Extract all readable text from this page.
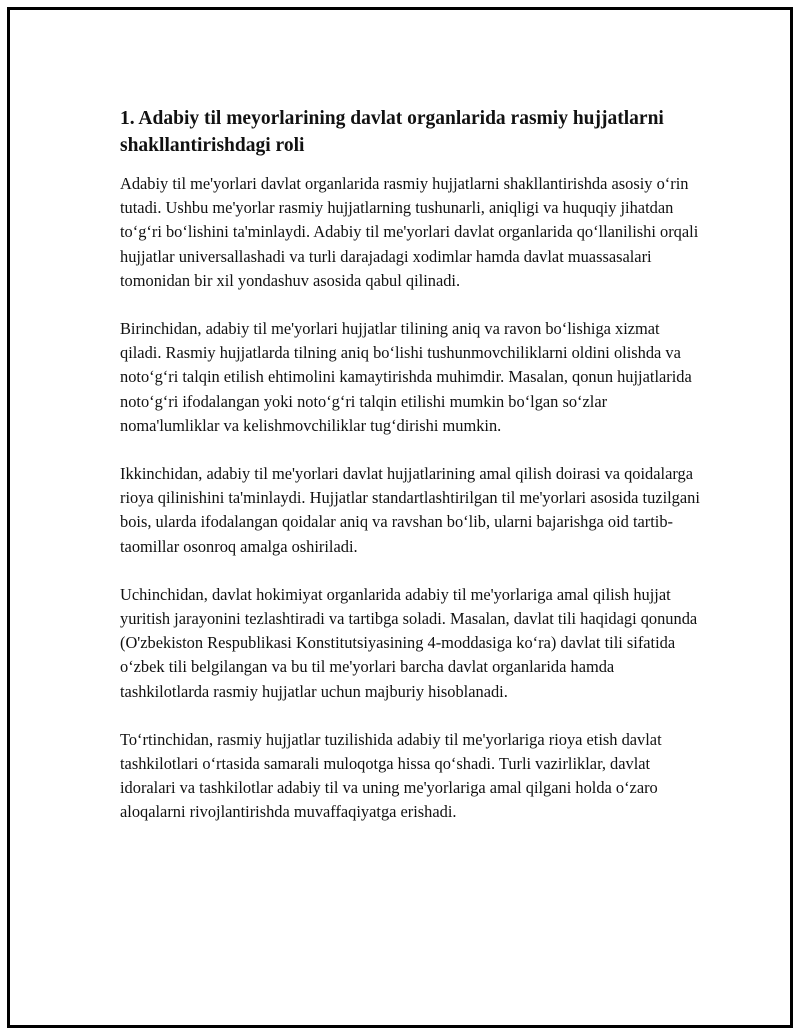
1. Adabiy til meyorlarining davlat organlarida rasmiy hujjatlarni shakllantirishdagi roli

Adabiy til me'yorlari davlat organlarida rasmiy hujjatlarni shakllantirishda asosiy o‘rin tutadi. Ushbu me'yorlar rasmiy hujjatlarning tushunarli, aniqligi va huquqiy jihatdan to‘g‘ri bo‘lishini ta'minlaydi. Adabiy til me'yorlari davlat organlarida qo‘llanilishi orqali hujjatlar universallashadi va turli darajadagi xodimlar hamda davlat muassasalari tomonidan bir xil yondashuv asosida qabul qilinadi.

Birinchidan, adabiy til me'yorlari hujjatlar tilining aniq va ravon bo‘lishiga xizmat qiladi. Rasmiy hujjatlarda tilning aniq bo‘lishi tushunmovchiliklarni oldini olishda va noto‘g‘ri talqin etilish ehtimolini kamaytirishda muhimdir. Masalan, qonun hujjatlarida noto‘g‘ri ifodalangan yoki noto‘g‘ri talqin etilishi mumkin bo‘lgan so‘zlar noma'lumliklar va kelishmovchiliklar tug‘dirishi mumkin.

Ikkinchidan, adabiy til me'yorlari davlat hujjatlarining amal qilish doirasi va qoidalarga rioya qilinishini ta'minlaydi. Hujjatlar standartlashtirilgan til me'yorlari asosida tuzilgani bois, ularda ifodalangan qoidalar aniq va ravshan bo‘lib, ularni bajarishga oid tartib-taomillar osonroq amalga oshiriladi.

Uchinchidan, davlat hokimiyat organlarida adabiy til me'yorlariga amal qilish hujjat yuritish jarayonini tezlashtiradi va tartibga soladi. Masalan, davlat tili haqidagi qonunda (O'zbekiston Respublikasi Konstitutsiyasining 4-moddasiga ko‘ra) davlat tili sifatida o‘zbek tili belgilangan va bu til me'yorlari barcha davlat organlarida hamda tashkilotlarda rasmiy hujjatlar uchun majburiy hisoblanadi.

To‘rtinchidan, rasmiy hujjatlar tuzilishida adabiy til me'yorlariga rioya etish davlat tashkilotlari o‘rtasida samarali muloqotga hissa qo‘shadi. Turli vazirliklar, davlat idoralari va tashkilotlar adabiy til va uning me'yorlariga amal qilgani holda o‘zaro aloqalarni rivojlantirishda muvaffaqiyatga erishadi.
